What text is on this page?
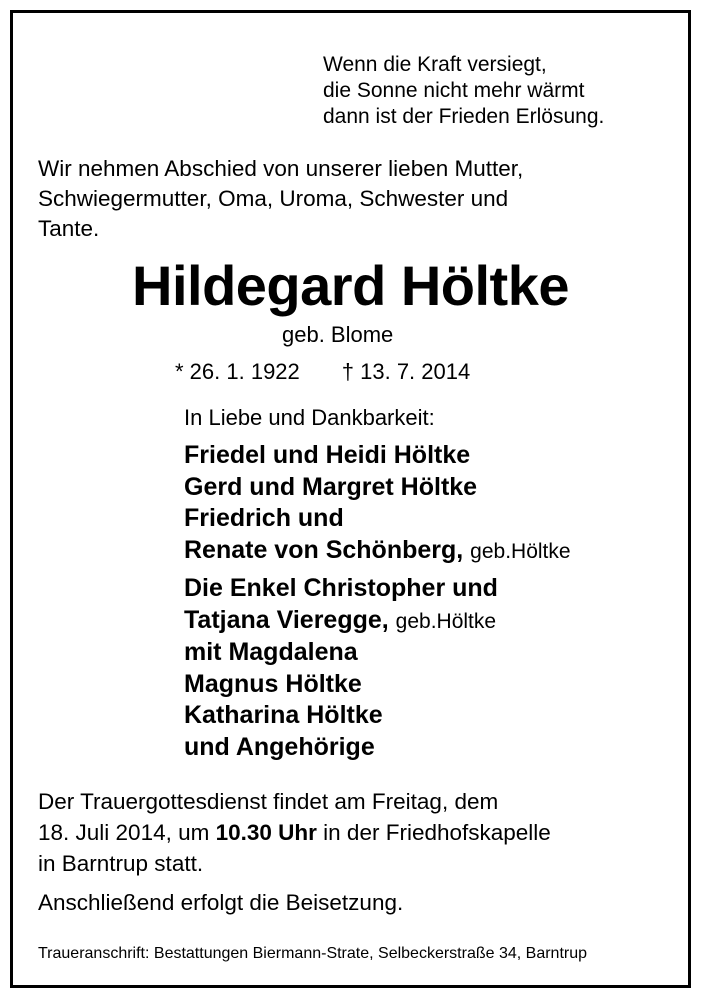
Wenn die Kraft versiegt,
die Sonne nicht mehr wärmt
dann ist der Frieden Erlösung.
Wir nehmen Abschied von unserer lieben Mutter,
Schwiegermutter, Oma, Uroma, Schwester und
Tante.
Hildegard Höltke
geb. Blome
* 26. 1. 1922 † 13. 7. 2014
In Liebe und Dankbarkeit:
Friedel und Heidi Höltke
Gerd und Margret Höltke
Friedrich und
Renate von Schönberg, geb.Höltke
Die Enkel Christopher und
Tatjana Vieregge, geb.Höltke
mit Magdalena
Magnus Höltke
Katharina Höltke
und Angehörige
Der Trauergottesdienst findet am Freitag, dem
18. Juli 2014, um 10.30 Uhr in der Friedhofskapelle
in Barntrup statt.
Anschließend erfolgt die Beisetzung.
Traueranschrift: Bestattungen Biermann-Strate, Selbeckerstraße 34, Barntrup
